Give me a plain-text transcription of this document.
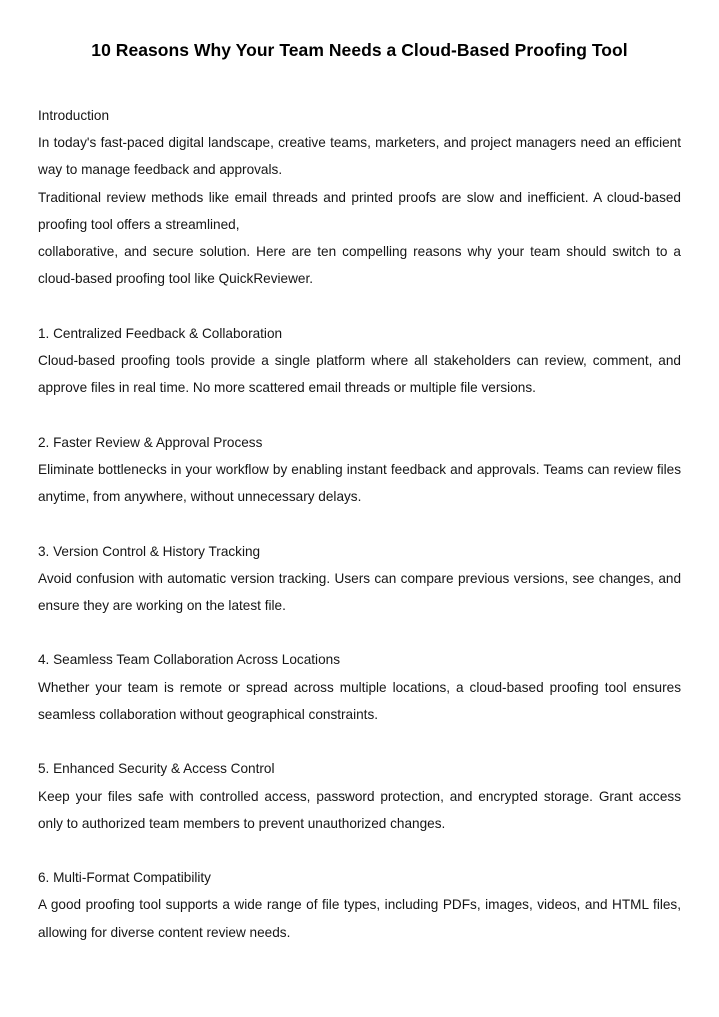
10 Reasons Why Your Team Needs a Cloud-Based Proofing Tool

Introduction

In today's fast-paced digital landscape, creative teams, marketers, and project managers need an efficient way to manage feedback and approvals.

Traditional review methods like email threads and printed proofs are slow and inefficient. A cloud-based proofing tool offers a streamlined,

collaborative, and secure solution. Here are ten compelling reasons why your team should switch to a cloud-based proofing tool like QuickReviewer.

1. Centralized Feedback & Collaboration

Cloud-based proofing tools provide a single platform where all stakeholders can review, comment, and approve files in real time. No more scattered email threads or multiple file versions.

2. Faster Review & Approval Process

Eliminate bottlenecks in your workflow by enabling instant feedback and approvals. Teams can review files anytime, from anywhere, without unnecessary delays.

3. Version Control & History Tracking

Avoid confusion with automatic version tracking. Users can compare previous versions, see changes, and ensure they are working on the latest file.

4. Seamless Team Collaboration Across Locations

Whether your team is remote or spread across multiple locations, a cloud-based proofing tool ensures seamless collaboration without geographical constraints.

5. Enhanced Security & Access Control

Keep your files safe with controlled access, password protection, and encrypted storage. Grant access only to authorized team members to prevent unauthorized changes.

6. Multi-Format Compatibility

A good proofing tool supports a wide range of file types, including PDFs, images, videos, and HTML files, allowing for diverse content review needs.
